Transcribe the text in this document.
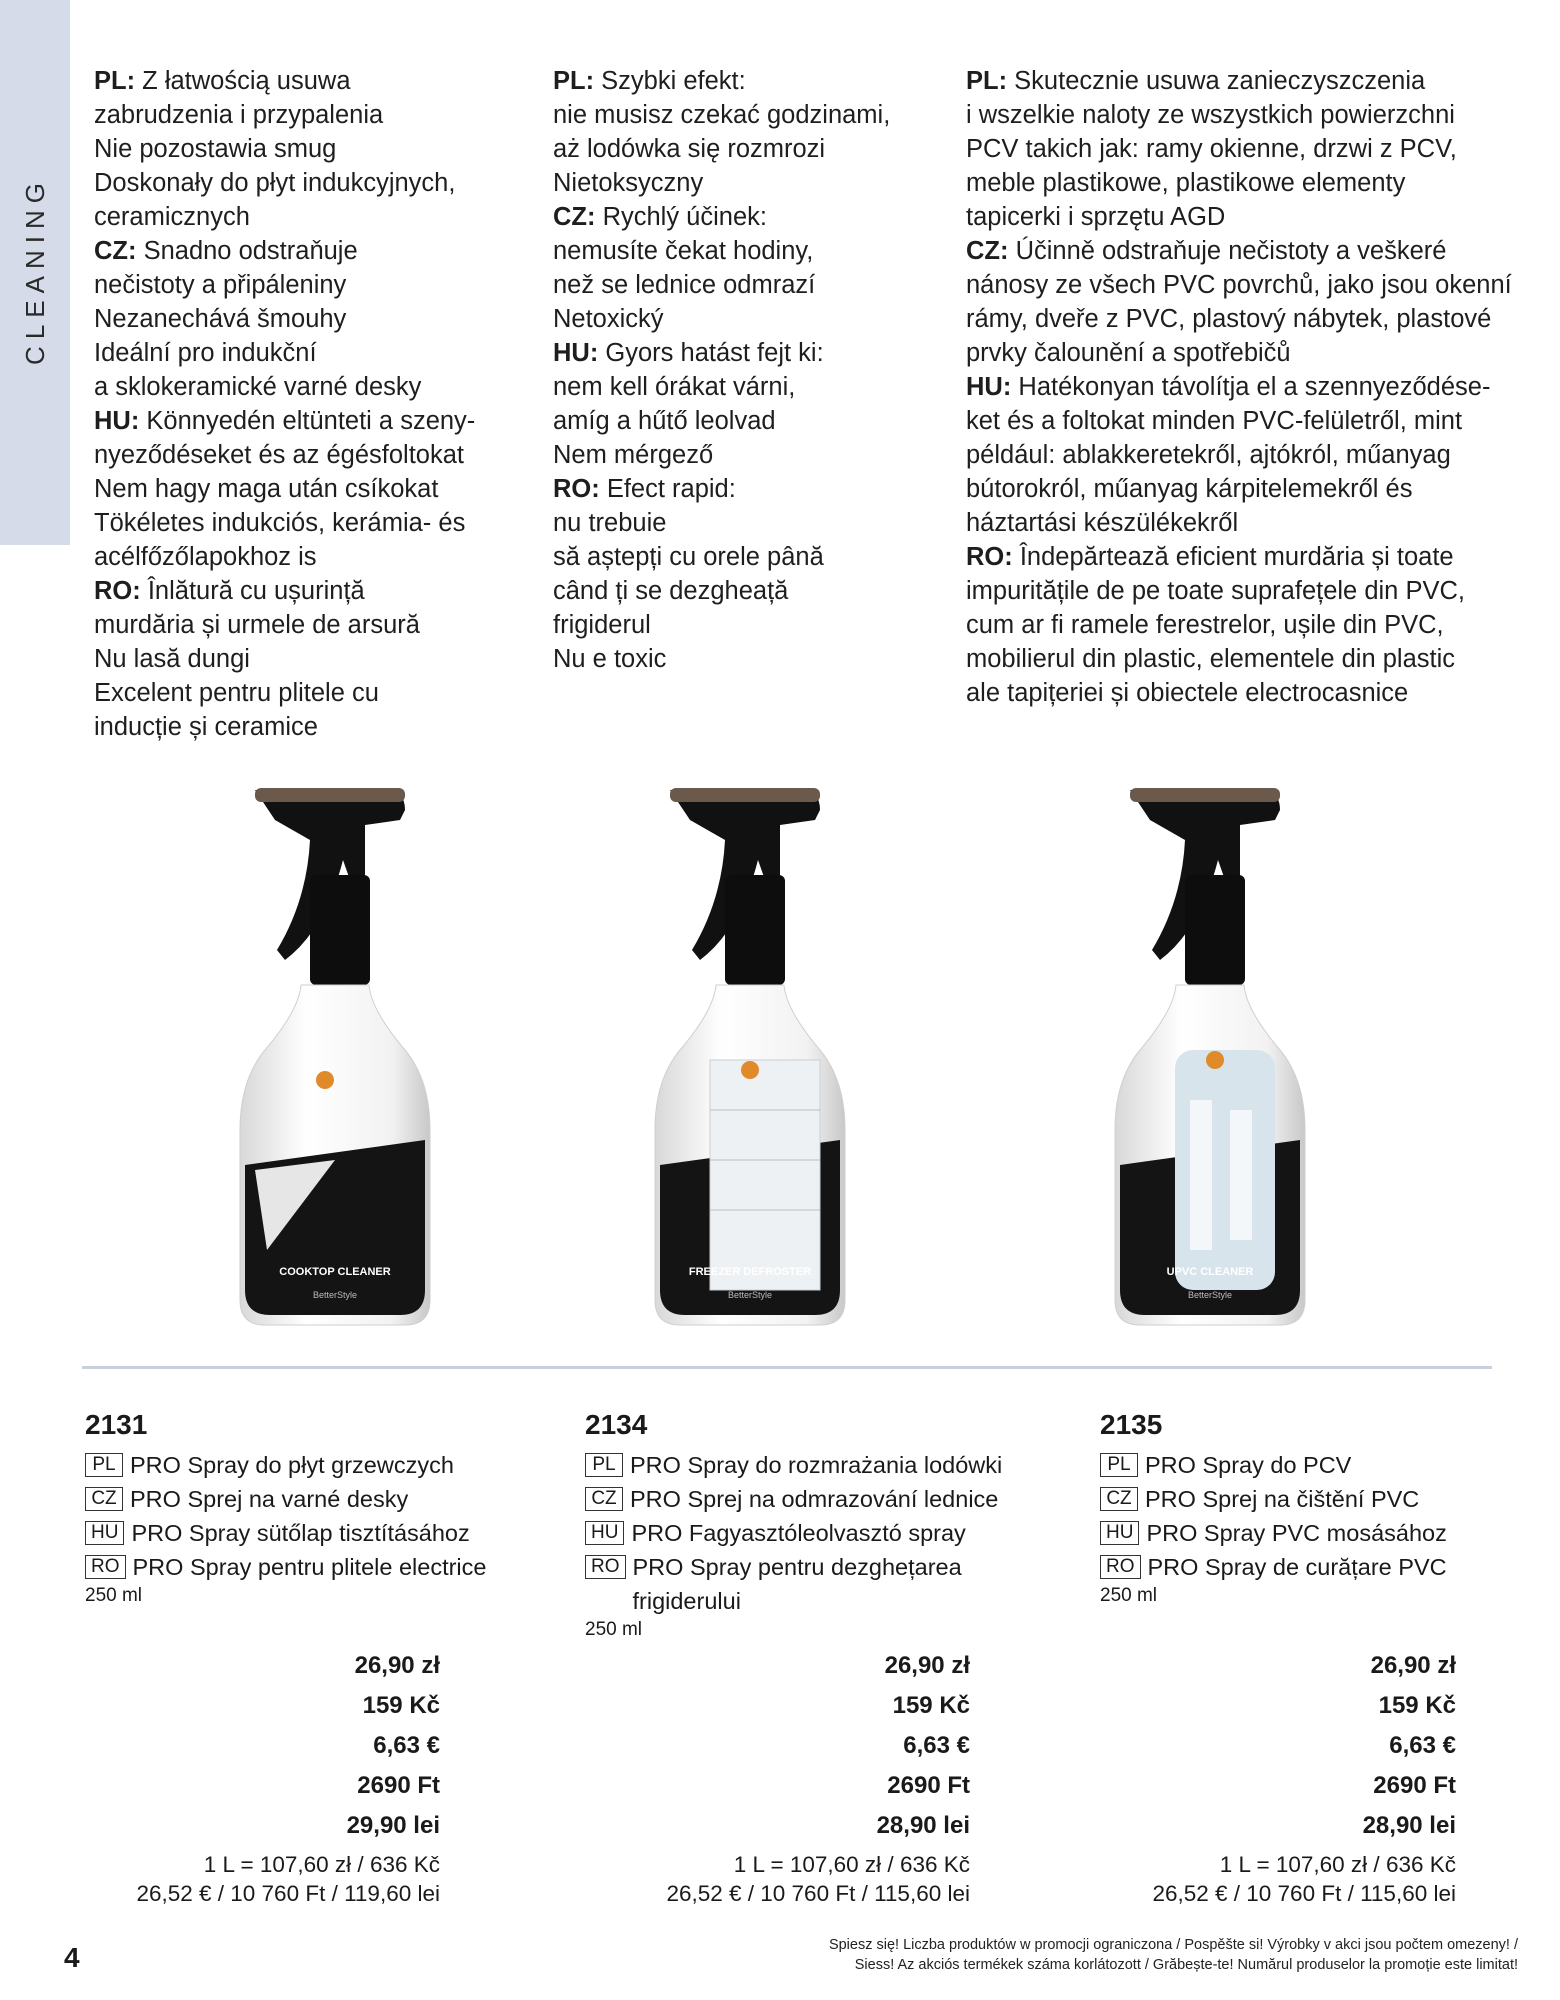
CLEANING

PL: Z łatwością usuwa

zabrudzenia i przypalenia

Nie pozostawia smug

Doskonały do płyt indukcyjnych,

ceramicznych

CZ: Snadno odstraňuje

nečistoty a připáleniny

Nezanechává šmouhy

Ideální pro indukční

a sklokeramické varné desky

HU: Könnyedén eltünteti a szeny-

nyeződéseket és az égésfoltokat

Nem hagy maga után csíkokat

Tökéletes indukciós, kerámia- és

acélfőzőlapokhoz is

RO: Înlătură cu ușurință

murdăria și urmele de arsură

Nu lasă dungi

Excelent pentru plitele cu

inducție și ceramice

PL: Szybki efekt:

nie musisz czekać godzinami,

aż lodówka się rozmrozi

Nietoksyczny

CZ: Rychlý účinek:

nemusíte čekat hodiny,

než se lednice odmrazí

Netoxický

HU: Gyors hatást fejt ki:

nem kell órákat várni,

amíg a hűtő leolvad

Nem mérgező

RO: Efect rapid:

nu trebuie

să aștepți cu orele până

când ți se dezgheață

frigiderul

Nu e toxic

PL: Skutecznie usuwa zanieczyszczenia

i wszelkie naloty ze wszystkich powierzchni

PCV takich jak: ramy okienne, drzwi z PCV,

meble plastikowe, plastikowe elementy

tapicerki i sprzętu AGD

CZ: Účinně odstraňuje nečistoty a veškeré

nánosy ze všech PVC povrchů, jako jsou okenní

rámy, dveře z PVC, plastový nábytek, plastové

prvky čalounění a spotřebičů

HU: Hatékonyan távolítja el a szennyeződése-

ket és a foltokat minden PVC-felületről, mint

például: ablakkeretekről, ajtókról, műanyag

bútorokról, műanyag kárpitelemekről és

háztartási készülékekről

RO: Îndepărtează eficient murdăria și toate

impuritățile de pe toate suprafețele din PVC,

cum ar fi ramele ferestrelor, ușile din PVC,

mobilierul din plastic, elementele din plastic

ale tapițeriei și obiectele electrocasnice

COOKTOP CLEANER
BetterStyle
FREEZER DEFROSTER
BetterStyle
UPVC CLEANER
BetterStyle
2131
PL PRO Spray do płyt grzewczych
CZ PRO Sprej na varné desky
HU PRO Spray sütőlap tisztításához
RO PRO Spray pentru plitele electrice
250 ml
2134
PL PRO Spray do rozmrażania lodówki
CZ PRO Sprej na odmrazování lednice
HU PRO Fagyasztóleolvasztó spray
RO PRO Spray pentru dezghețarea frigiderului
250 ml
2135
PL PRO Spray do PCV
CZ PRO Sprej na čištění PVC
HU PRO Spray PVC mosásához
RO PRO Spray de curățare PVC
250 ml
26,90 zł
159 Kč
6,63 €
2690 Ft
29,90 lei
1 L = 107,60 zł / 636 Kč
26,52 € / 10 760 Ft / 119,60 lei
26,90 zł
159 Kč
6,63 €
2690 Ft
28,90 lei
1 L = 107,60 zł / 636 Kč
26,52 € / 10 760 Ft / 115,60 lei
26,90 zł
159 Kč
6,63 €
2690 Ft
28,90 lei
1 L = 107,60 zł / 636 Kč
26,52 € / 10 760 Ft / 115,60 lei
4	Spiesz się! Liczba produktów w promocji ograniczona / Pospěšte si! Výrobky v akci jsou počtem omezeny! /
Siess! Az akciós termékek száma korlátozott / Grăbește-te! Numărul produselor la promoție este limitat!
